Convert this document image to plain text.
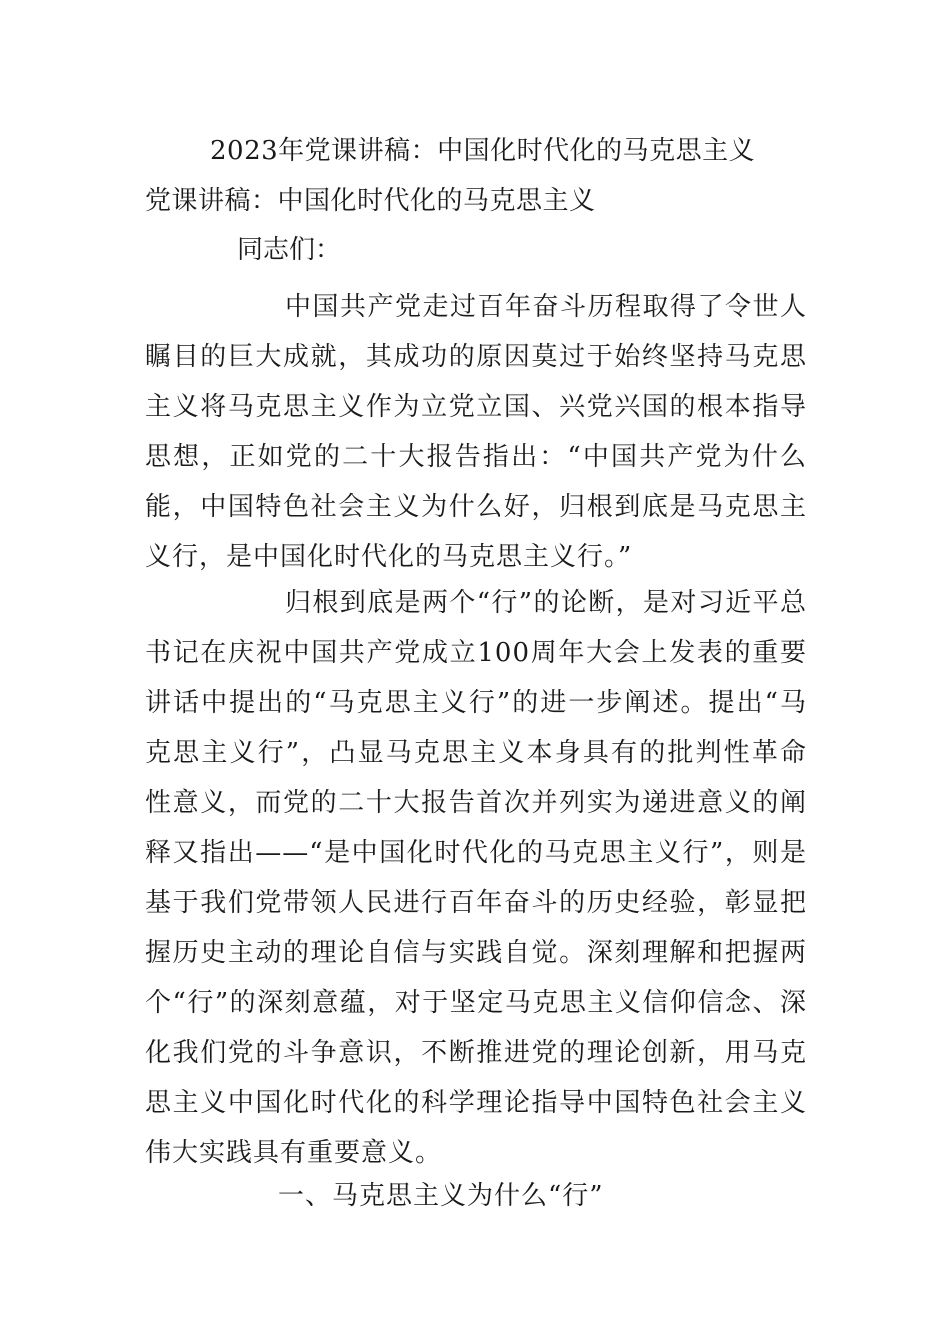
2023年党课讲稿：中国化时代化的马克思主义
党课讲稿：中国化时代化的马克思主义
同志们：

中国共产党走过百年奋斗历程取得了令世人瞩目的巨大成就，其成功的原因莫过于始终坚持马克思主义将马克思主义作为立党立国、兴党兴国的根本指导思想，正如党的二十大报告指出：“中国共产党为什么能，中国特色社会主义为什么好，归根到底是马克思主义行，是中国化时代化的马克思主义行。”

归根到底是两个“行”的论断，是对习近平总书记在庆祝中国共产党成立100周年大会上发表的重要讲话中提出的“马克思主义行”的进一步阐述。提出“马克思主义行”，凸显马克思主义本身具有的批判性革命性意义，而党的二十大报告首次并列实为递进意义的阐释又指出——“是中国化时代化的马克思主义行”，则是基于我们党带领人民进行百年奋斗的历史经验，彰显把握历史主动的理论自信与实践自觉。深刻理解和把握两个“行”的深刻意蕴，对于坚定马克思主义信仰信念、深化我们党的斗争意识，不断推进党的理论创新，用马克思主义中国化时代化的科学理论指导中国特色社会主义伟大实践具有重要意义。

一、马克思主义为什么“行”
